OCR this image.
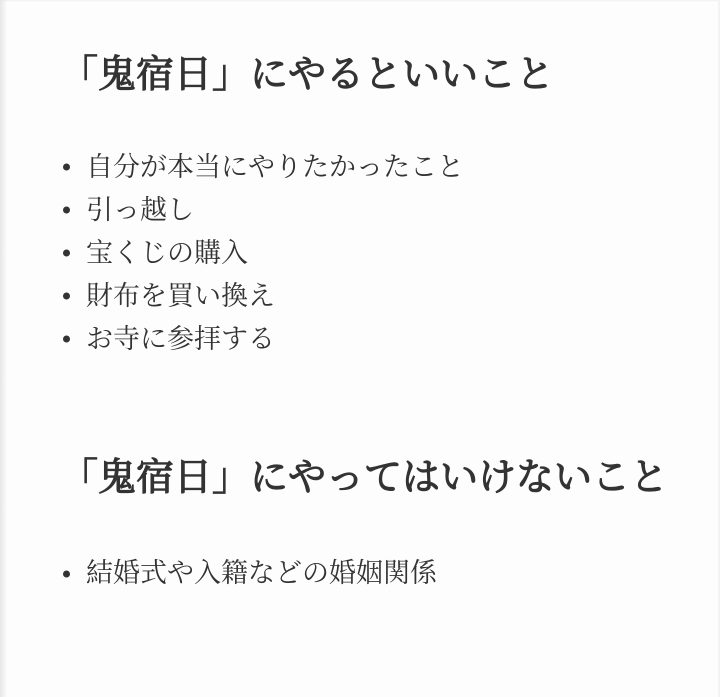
「鬼宿日」にやるといいこと
自分が本当にやりたかったこと
引っ越し
宝くじの購入
財布を買い換え
お寺に参拝する
「鬼宿日」にやってはいけないこと
結婚式や入籍などの婚姻関係
